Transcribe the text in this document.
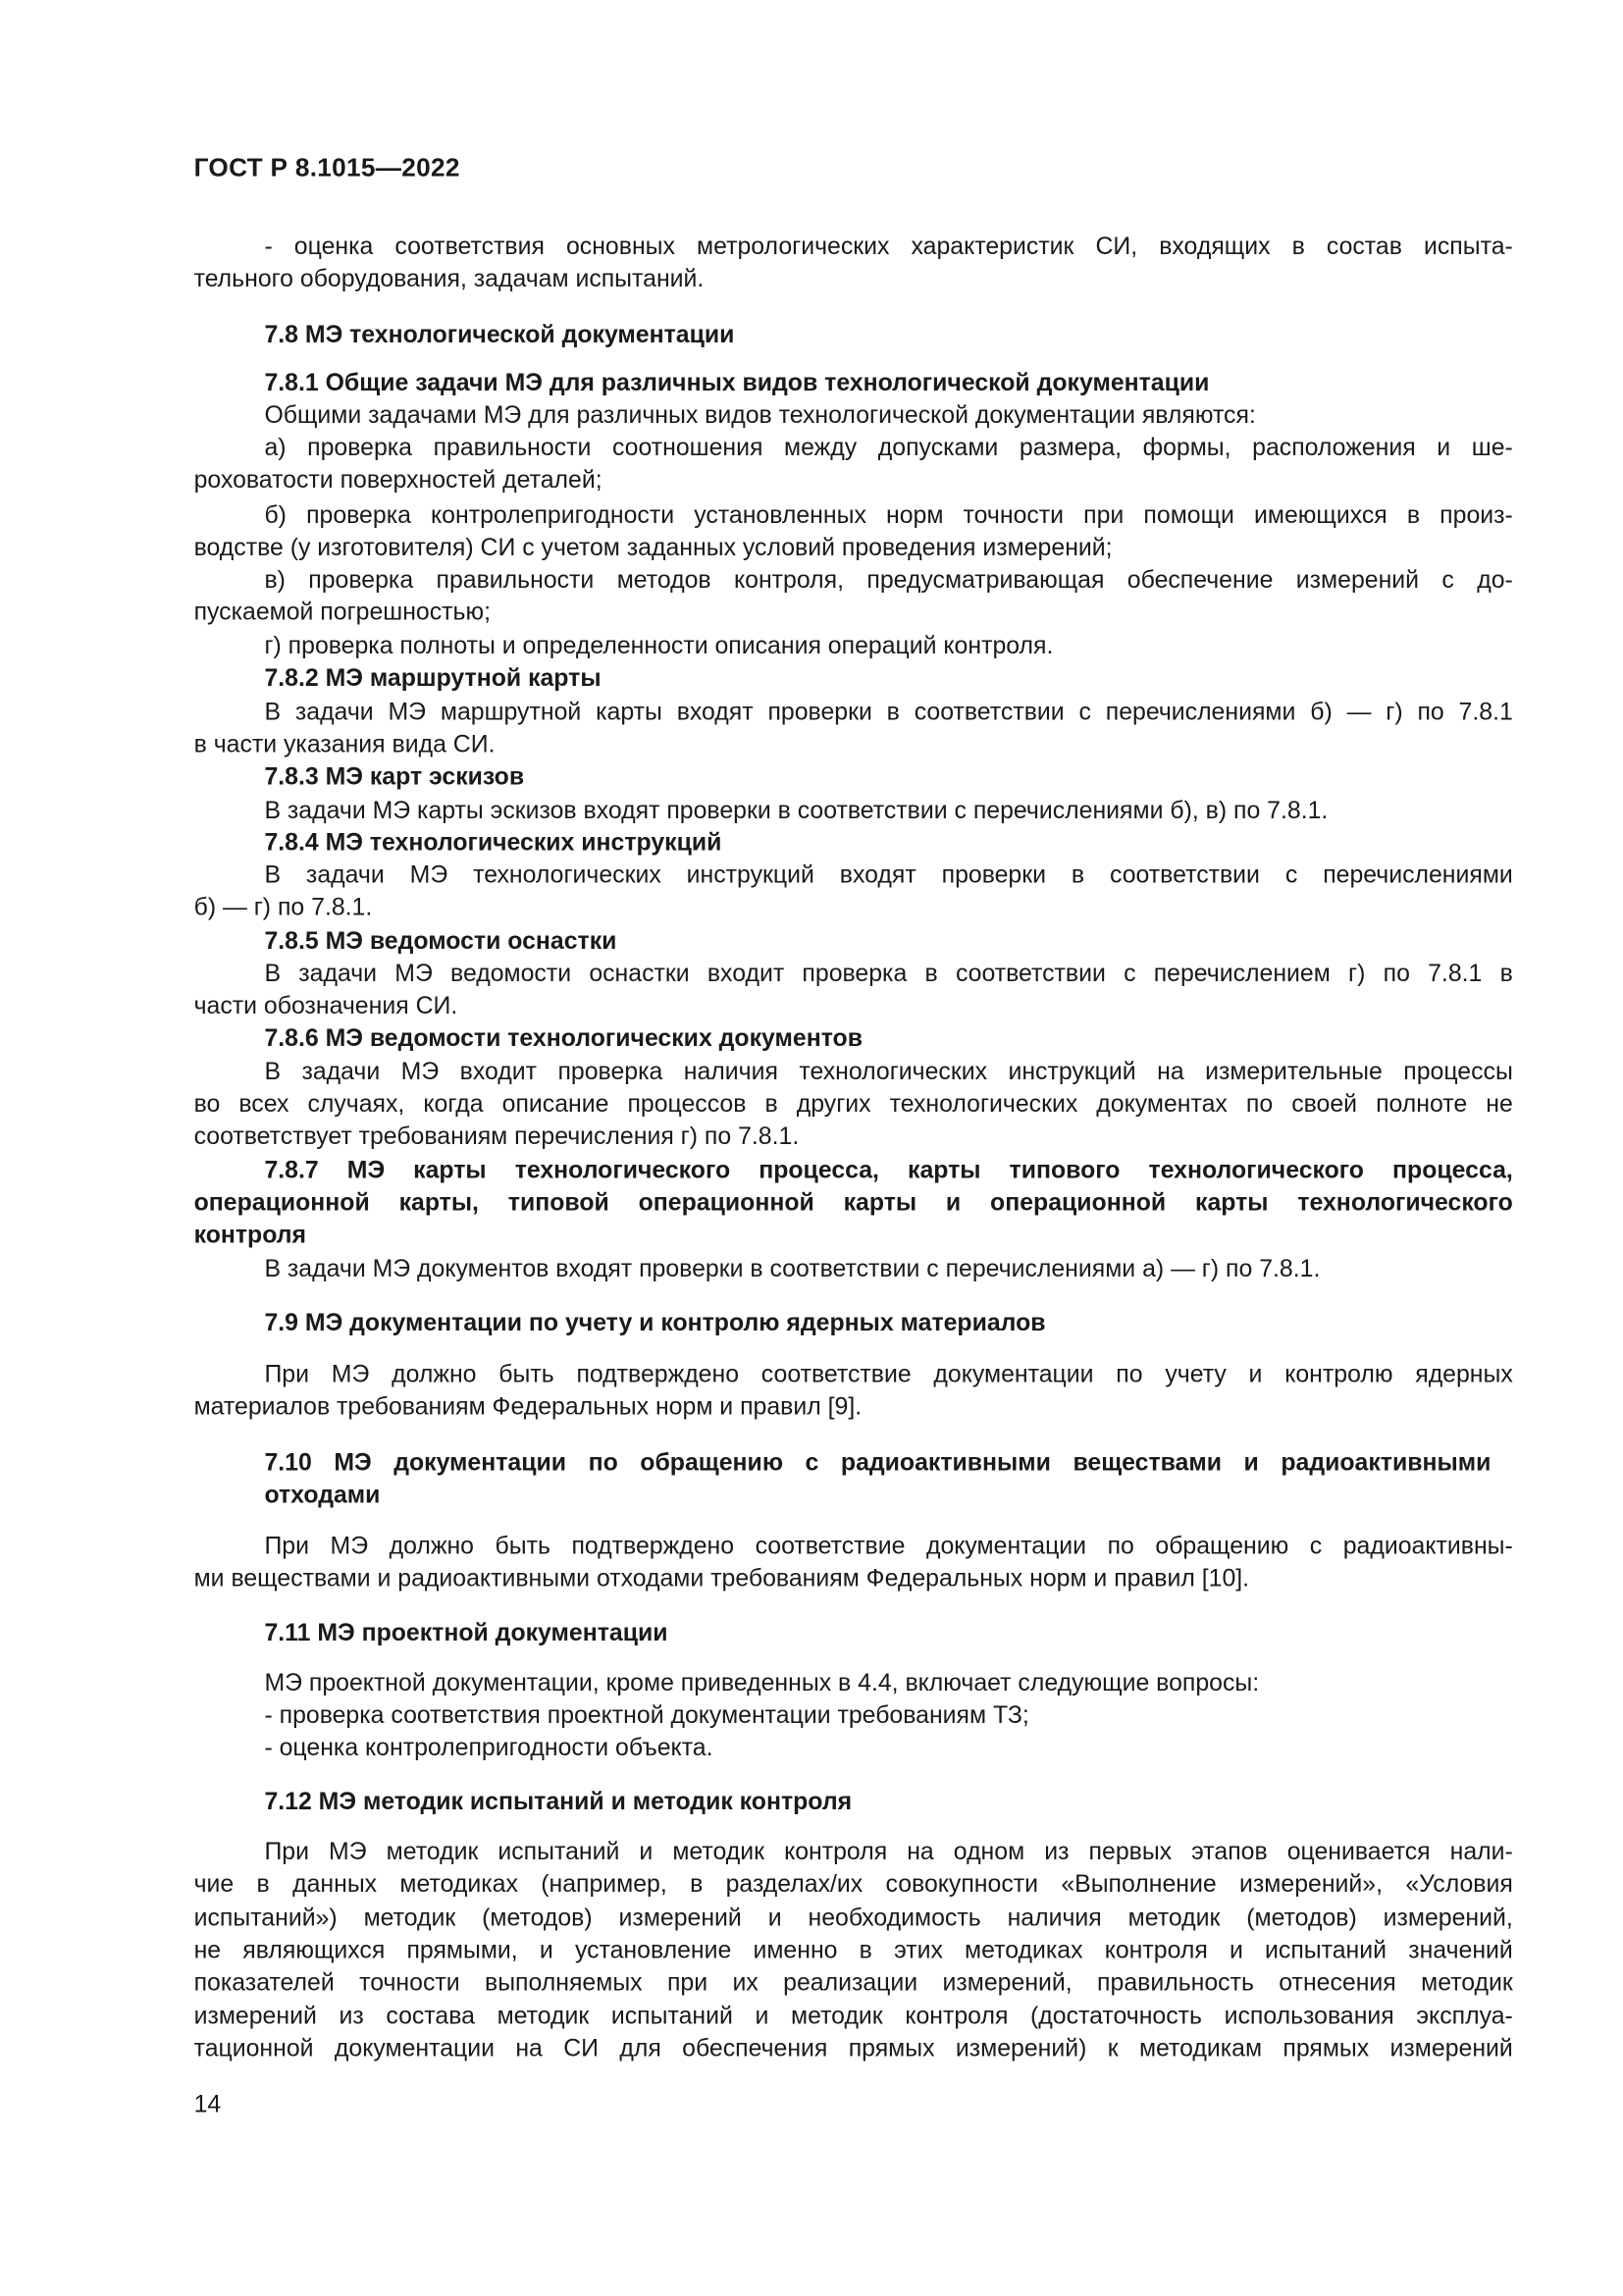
ГОСТ Р 8.1015—2022
- оценка соответствия основных метрологических характеристик СИ, входящих в состав испыта-
тельного оборудования, задачам испытаний.
7.8 МЭ технологической документации
7.8.1 Общие задачи МЭ для различных видов технологической документации
Общими задачами МЭ для различных видов технологической документации являются:
а) проверка правильности соотношения между допусками размера, формы, расположения и ше-
роховатости поверхностей деталей;
б) проверка контролепригодности установленных норм точности при помощи имеющихся в произ-
водстве (у изготовителя) СИ с учетом заданных условий проведения измерений;
в) проверка правильности методов контроля, предусматривающая обеспечение измерений с до-
пускаемой погрешностью;
г) проверка полноты и определенности описания операций контроля.
7.8.2 МЭ маршрутной карты
В задачи МЭ маршрутной карты входят проверки в соответствии с перечислениями б) — г) по 7.8.1
в части указания вида СИ.
7.8.3 МЭ карт эскизов
В задачи МЭ карты эскизов входят проверки в соответствии с перечислениями б), в) по 7.8.1.
7.8.4 МЭ технологических инструкций
В задачи МЭ технологических инструкций входят проверки в соответствии с перечислениями
б) — г) по 7.8.1.
7.8.5 МЭ ведомости оснастки
В задачи МЭ ведомости оснастки входит проверка в соответствии с перечислением г) по 7.8.1 в
части обозначения СИ.
7.8.6 МЭ ведомости технологических документов
В задачи МЭ входит проверка наличия технологических инструкций на измерительные процессы
во всех случаях, когда описание процессов в других технологических документах по своей полноте не
соответствует требованиям перечисления г) по 7.8.1.
7.8.7 МЭ карты технологического процесса, карты типового технологического процесса,
операционной карты, типовой операционной карты и операционной карты технологического
контроля
В задачи МЭ документов входят проверки в соответствии с перечислениями а) — г) по 7.8.1.
7.9 МЭ документации по учету и контролю ядерных материалов
При МЭ должно быть подтверждено соответствие документации по учету и контролю ядерных
материалов требованиям Федеральных норм и правил [9].
7.10 МЭ документации по обращению с радиоактивными веществами и радиоактивными
отходами
При МЭ должно быть подтверждено соответствие документации по обращению с радиоактивны-
ми веществами и радиоактивными отходами требованиям Федеральных норм и правил [10].
7.11 МЭ проектной документации
МЭ проектной документации, кроме приведенных в 4.4, включает следующие вопросы:
- проверка соответствия проектной документации требованиям ТЗ;
- оценка контролепригодности объекта.
7.12 МЭ методик испытаний и методик контроля
При МЭ методик испытаний и методик контроля на одном из первых этапов оценивается нали-
чие в данных методиках (например, в разделах/их совокупности «Выполнение измерений», «Условия
испытаний») методик (методов) измерений и необходимость наличия методик (методов) измерений,
не являющихся прямыми, и установление именно в этих методиках контроля и испытаний значений
показателей точности выполняемых при их реализации измерений, правильность отнесения методик
измерений из состава методик испытаний и методик контроля (достаточность использования эксплуа-
тационной документации на СИ для обеспечения прямых измерений) к методикам прямых измерений
14
